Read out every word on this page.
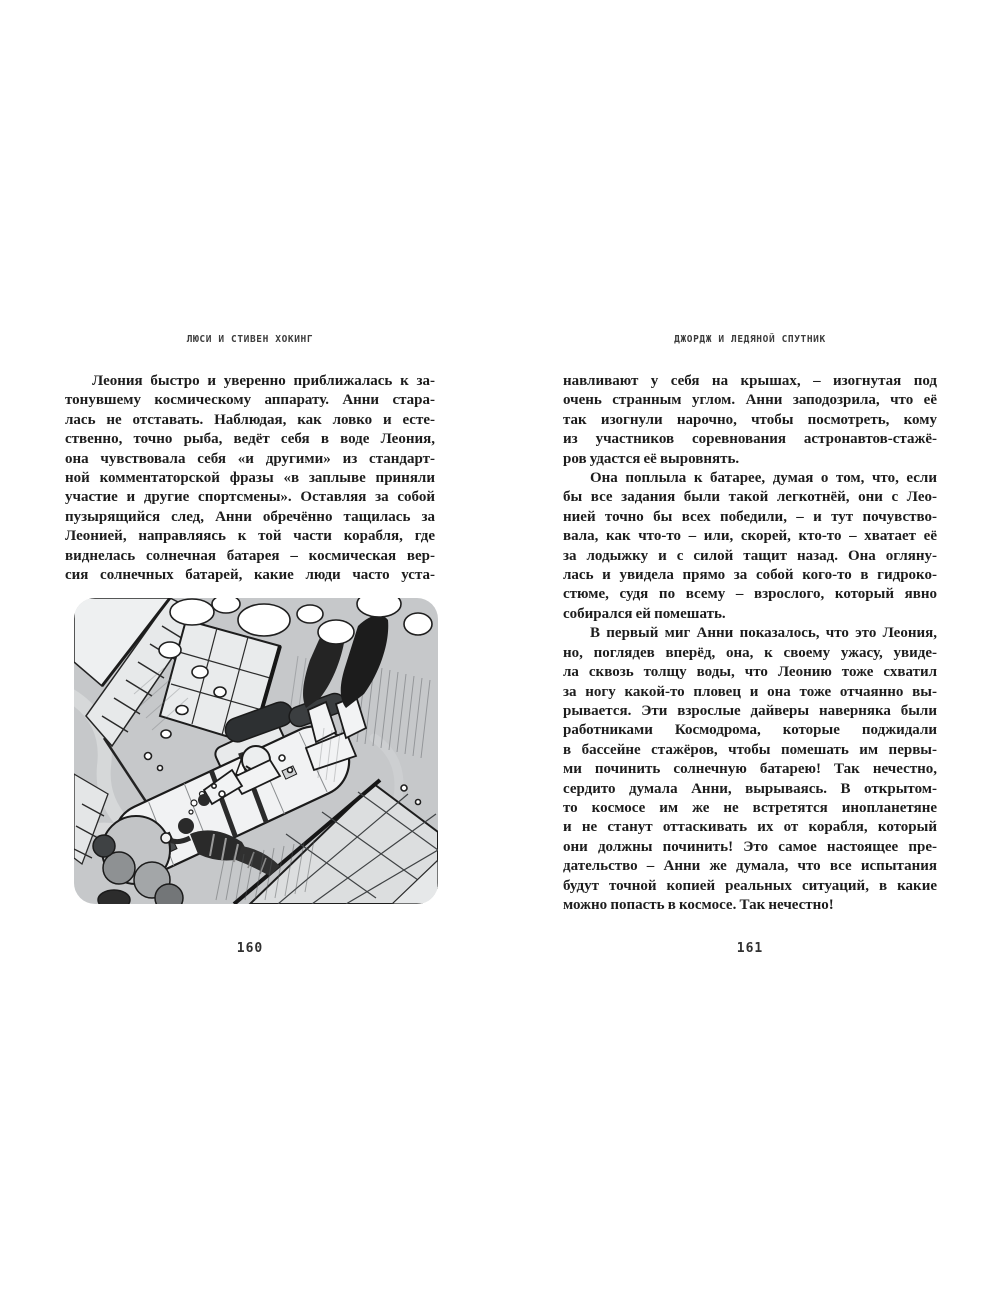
ЛЮСИ И СТИВЕН ХОКИНГ
Леония быстро и уверенно приближалась к за-
тонувшему космическому аппарату. Анни стара-
лась не отставать. Наблюдая, как ловко и есте-
ственно, точно рыба, ведёт себя в воде Леония,
она чувствовала себя «и другими» из стандарт-
ной комментаторской фразы «в заплыве приняли
участие и другие спортсмены». Оставляя за собой
пузырящийся след, Анни обречённо тащилась за
Леонией, направляясь к той части корабля, где
виднелась солнечная батарея – космическая вер-
сия солнечных батарей, какие люди часто уста-
160
ДЖОРДЖ И ЛЕДЯНОЙ СПУТНИК
навливают у себя на крышах, – изогнутая под
очень странным углом. Анни заподозрила, что её
так изогнули нарочно, чтобы посмотреть, кому
из участников соревнования астронавтов-стажё-
ров удастся её выровнять.
Она поплыла к батарее, думая о том, что, если
бы все задания были такой легкотнёй, они с Лео-
нией точно бы всех победили, – и тут почувство-
вала, как что-то – или, скорей, кто-то – хватает её
за лодыжку и с силой тащит назад. Она огляну-
лась и увидела прямо за собой кого-то в гидроко-
стюме, судя по всему – взрослого, который явно
собирался ей помешать.
В первый миг Анни показалось, что это Леония,
но, поглядев вперёд, она, к своему ужасу, увиде-
ла сквозь толщу воды, что Леонию тоже схватил
за ногу какой-то пловец и она тоже отчаянно вы-
рывается. Эти взрослые дайверы наверняка были
работниками Космодрома, которые поджидали
в бассейне стажёров, чтобы помешать им первы-
ми починить солнечную батарею! Так нечестно,
сердито думала Анни, вырываясь. В открытом-
то космосе им же не встретятся инопланетяне
и не станут оттаскивать их от корабля, который
они должны починить! Это самое настоящее пре-
дательство – Анни же думала, что все испытания
будут точной копией реальных ситуаций, в какие
можно попасть в космосе. Так нечестно!
161
